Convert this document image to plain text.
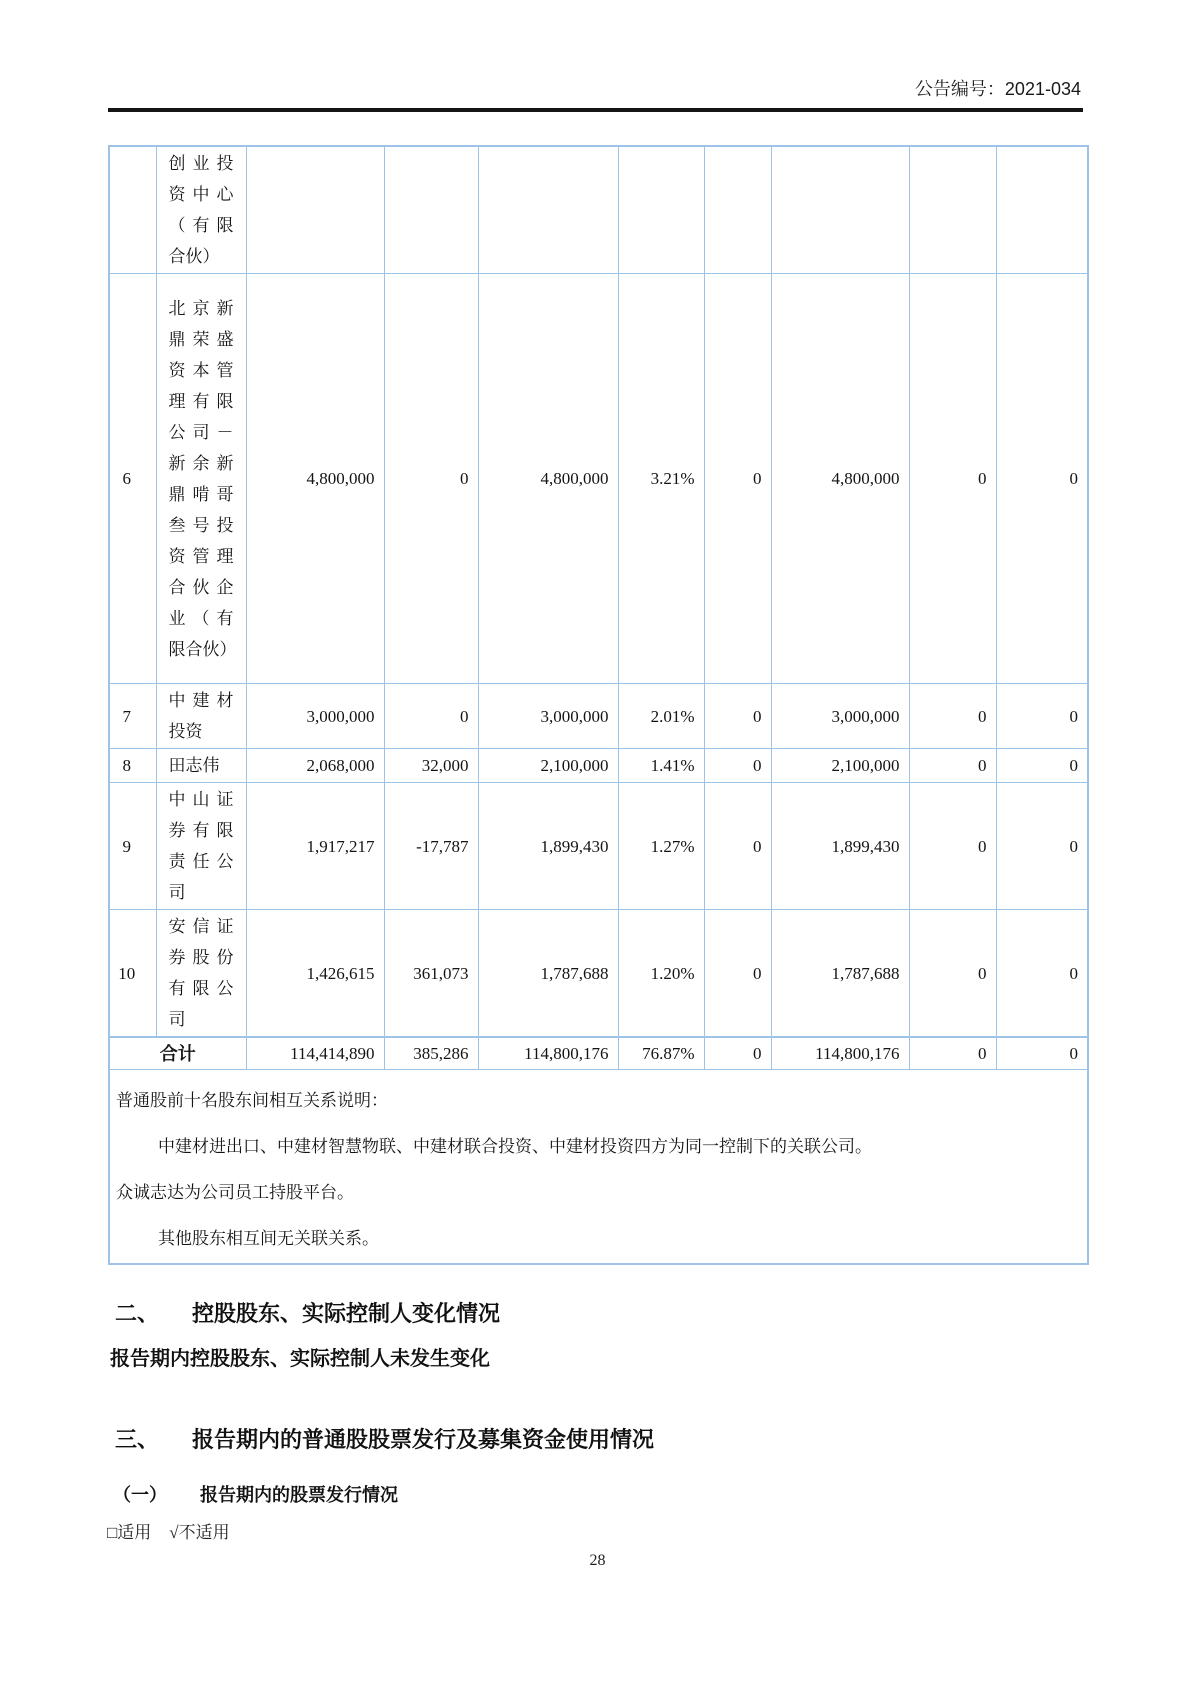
公告编号：2021-034
	创业投资中心（有限合伙）								
6	北京新鼎荣盛资本管理有限公司－新余新鼎啃哥叁号投资管理合伙企业（有限合伙）	4,800,000	0	4,800,000	3.21%	0	4,800,000	0	0
7	中建材投资	3,000,000	0	3,000,000	2.01%	0	3,000,000	0	0
8	田志伟	2,068,000	32,000	2,100,000	1.41%	0	2,100,000	0	0
9	中山证券有限责任公司	1,917,217	-17,787	1,899,430	1.27%	0	1,899,430	0	0
10	安信证券股份有限公司	1,426,615	361,073	1,787,688	1.20%	0	1,787,688	0	0
合计		114,414,890	385,286	114,800,176	76.87%	0	114,800,176	0	0

普通股前十名股东间相互关系说明：

中建材进出口、中建材智慧物联、中建材联合投资、中建材投资四方为同一控制下的关联公司。

众诚志达为公司员工持股平台。

其他股东相互间无关联关系。									

二、	控股股东、实际控制人变化情况
报告期内控股股东、实际控制人未发生变化
三、	报告期内的普通股股票发行及募集资金使用情况
（一）	报告期内的股票发行情况
□适用 √不适用
28
